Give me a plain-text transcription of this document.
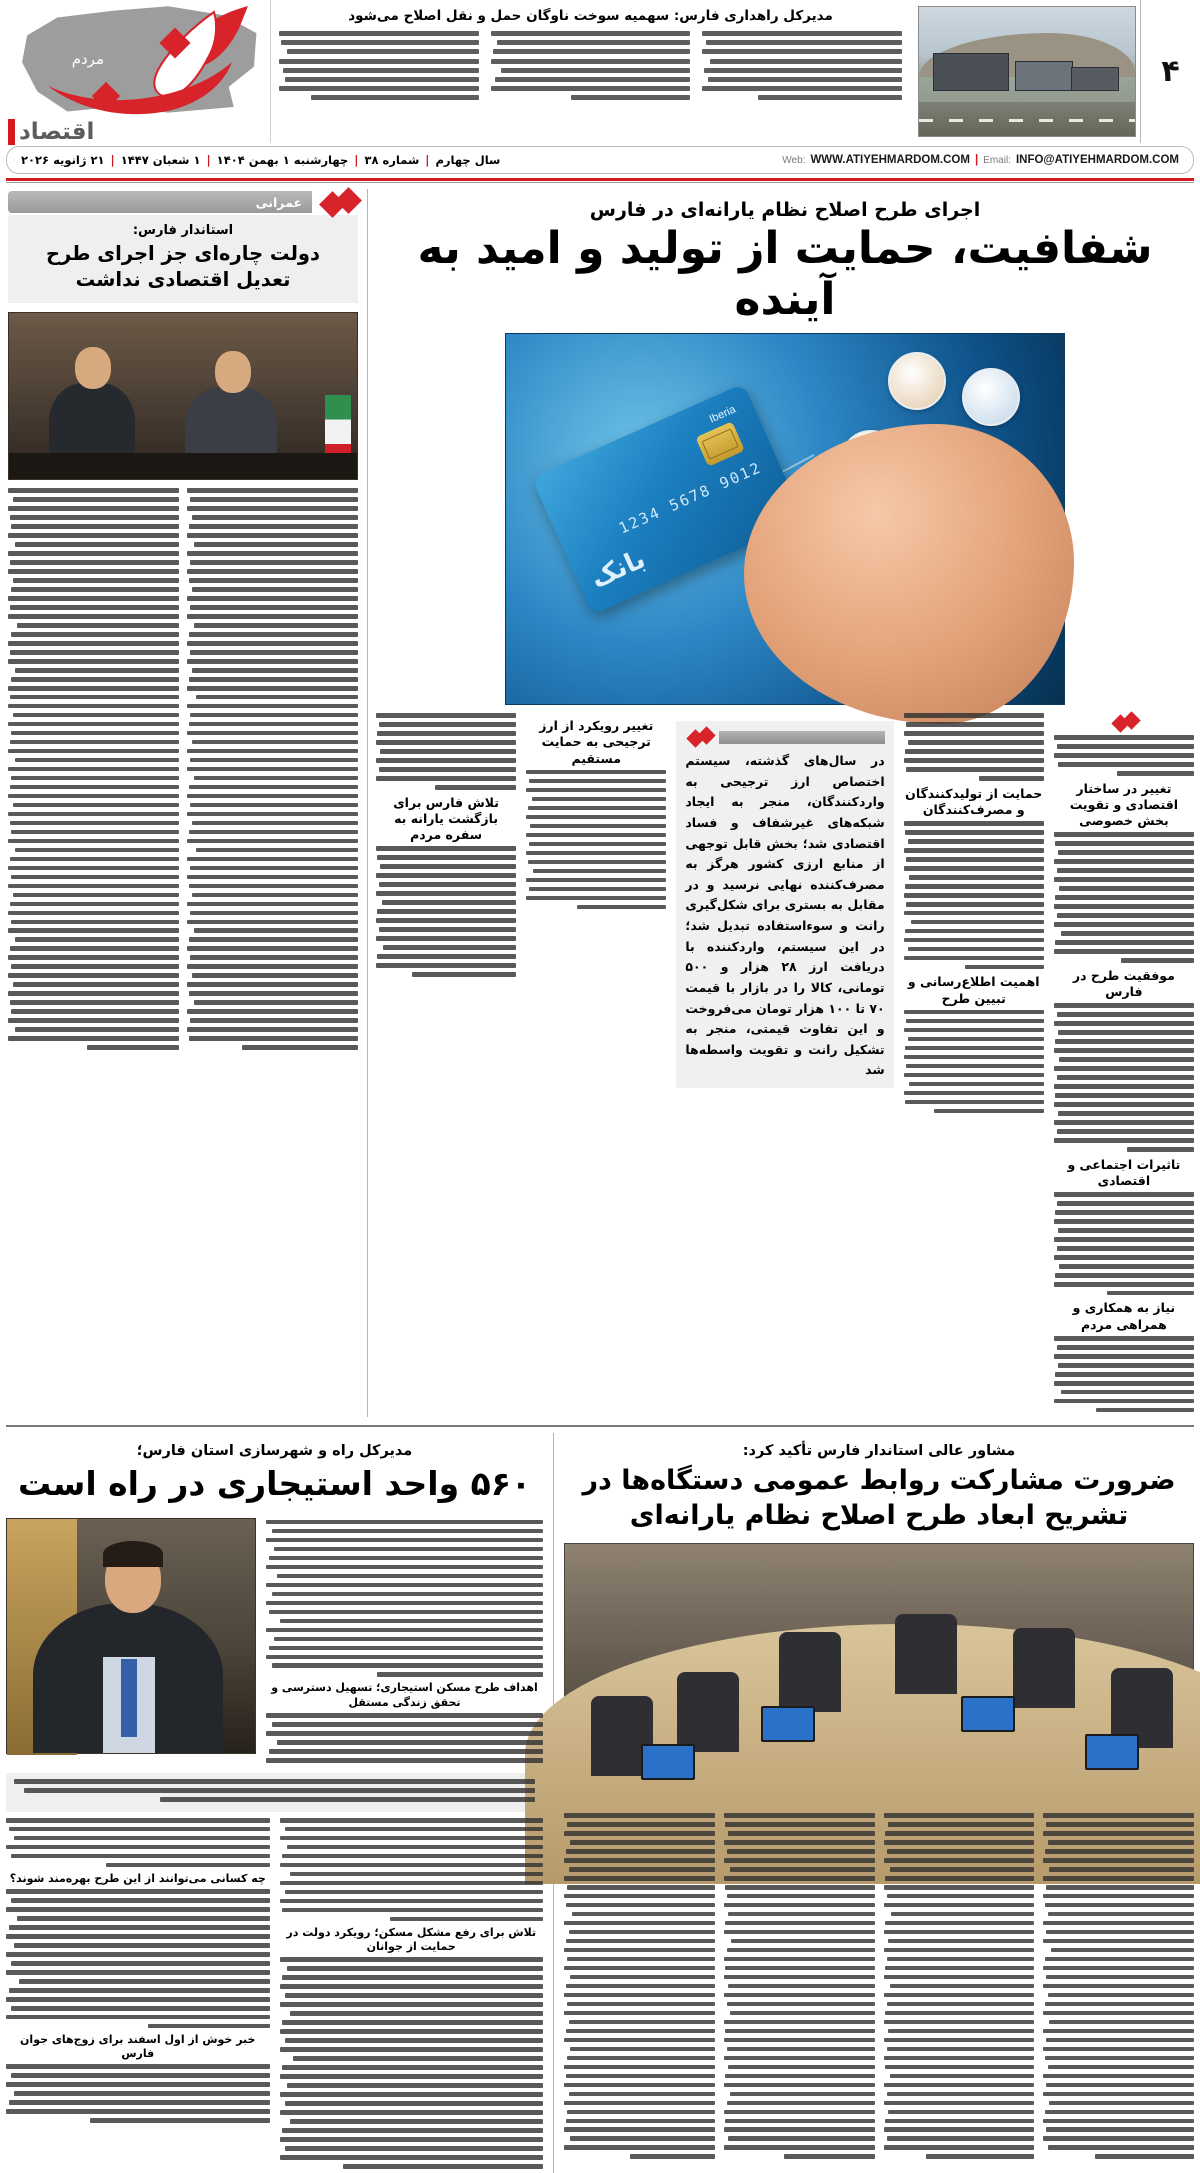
۴
مدیرکل راهداری فارس: سهمیه سوخت ناوگان حمل و نقل اصلاح می‌شود
مردم
اقتصاد
Web: WWW.ATIYEHMARDOM.COM | Email: INFO@ATIYEHMARDOM.COM
سال چهارم
|
شماره ۳۸
|
چهارشنبه ۱ بهمن ۱۴۰۴
|
۱ شعبان ۱۴۴۷
|
۲۱ ژانویه ۲۰۲۶
اجرای طرح اصلاح نظام یارانه‌ای در فارس
شفافیت، حمایت از تولید و امید به آینده
Iberia
1234 5678 9012
بانک
تغییر در ساختار اقتصادی و تقویت بخش خصوصی
موفقیت طرح در فارس
تاثیرات اجتماعی و اقتصادی
نیاز به همکاری و همراهی مردم
حمایت از تولیدکنندگان و مصرف‌کنندگان
اهمیت اطلاع‌رسانی و تبیین طرح
در سال‌های گذشته، سیستم اختصاص ارز ترجیحی به واردکنندگان، منجر به ایجاد شبکه‌های غیرشفاف و فساد اقتصادی شد؛ بخش قابل توجهی از منابع ارزی کشور هرگز به مصرف‌کننده نهایی نرسید و در مقابل به بستری برای شکل‌گیری رانت و سوءاستفاده تبدیل شد؛ در این سیستم، واردکننده با دریافت ارز ۲۸ هزار و ۵۰۰ تومانی، کالا را در بازار با قیمت ۷۰ تا ۱۰۰ هزار تومان می‌فروخت و این تفاوت قیمتی، منجر به تشکیل رانت و تقویت واسطه‌ها شد
تغییر رویکرد از ارز ترجیحی به حمایت مستقیم
تلاش فارس برای بازگشت یارانه به سفره مردم
عمرانی
استاندار فارس:
دولت چاره‌ای جز اجرای طرح تعدیل اقتصادی نداشت
مشاور عالی استاندار فارس تأکید کرد:
ضرورت مشارکت روابط عمومی دستگاه‌ها در تشریح ابعاد طرح اصلاح نظام یارانه‌ای
مدیرکل راه و شهرسازی استان فارس؛
۵۶۰ واحد استیجاری در راه است
اهداف طرح مسکن استیجاری؛ تسهیل دسترسی و تحقق زندگی مستقل
تلاش برای رفع مشکل مسکن؛ رویکرد دولت در حمایت از جوانان
چه کسانی می‌توانند از این طرح بهره‌مند شوند؟
خبر خوش از اول اسفند برای زوج‌های جوان فارس
